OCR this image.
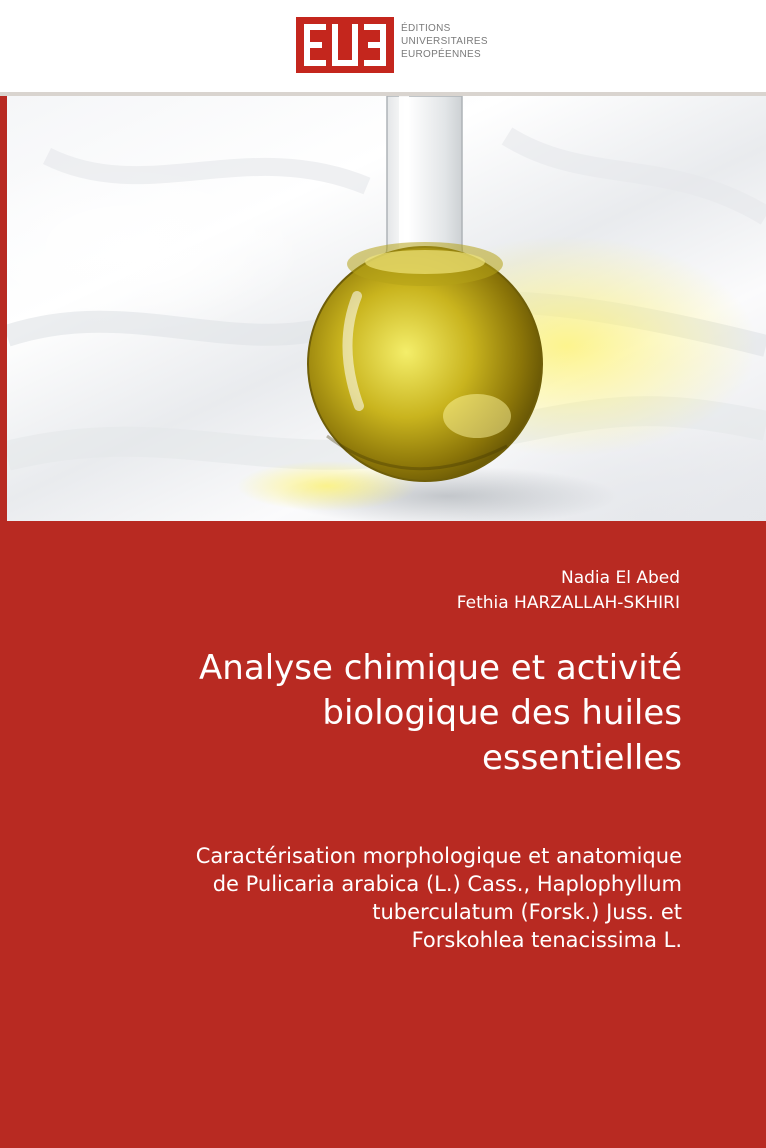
ÉDITIONS
UNIVERSITAIRES
EUROPÉENNES
Nadia El Abed
Fethia HARZALLAH-SKHIRI
Analyse chimique et activité
biologique des huiles
essentielles
Caractérisation morphologique et anatomique
de Pulicaria arabica (L.) Cass., Haplophyllum
tuberculatum (Forsk.) Juss. et
Forskohlea tenacissima L.
